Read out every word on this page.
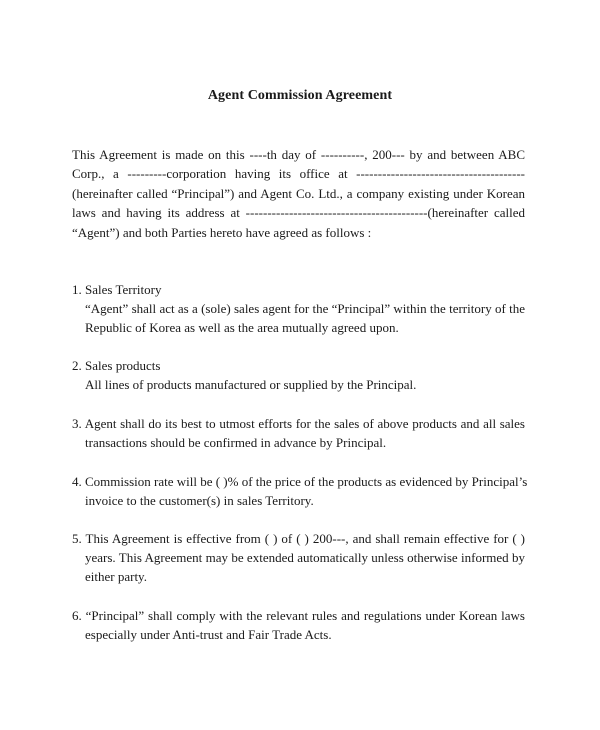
Agent Commission Agreement
This Agreement is made on this ----th day of ----------, 200--- by and between ABC
Corp., a ---------corporation having its office at ---------------------------------------
(hereinafter called “Principal”) and Agent Co. Ltd., a company existing under Korean
laws and having its address at ------------------------------------------(hereinafter called
“Agent”) and both Parties hereto have agreed as follows :
1. Sales Territory
“Agent” shall act as a (sole) sales agent for the “Principal” within the territory of the
Republic of Korea as well as the area mutually agreed upon.
2. Sales products
All lines of products manufactured or supplied by the Principal.
3. Agent shall do its best to utmost efforts for the sales of above products and all sales
transactions should be confirmed in advance by Principal.
4. Commission rate will be ( )% of the price of the products as evidenced by Principal’s
invoice to the customer(s) in sales Territory.
5. This Agreement is effective from ( ) of ( ) 200---, and shall remain effective for ( )
years. This Agreement may be extended automatically unless otherwise informed by
either party.
6. “Principal” shall comply with the relevant rules and regulations under Korean laws
especially under Anti-trust and Fair Trade Acts.
